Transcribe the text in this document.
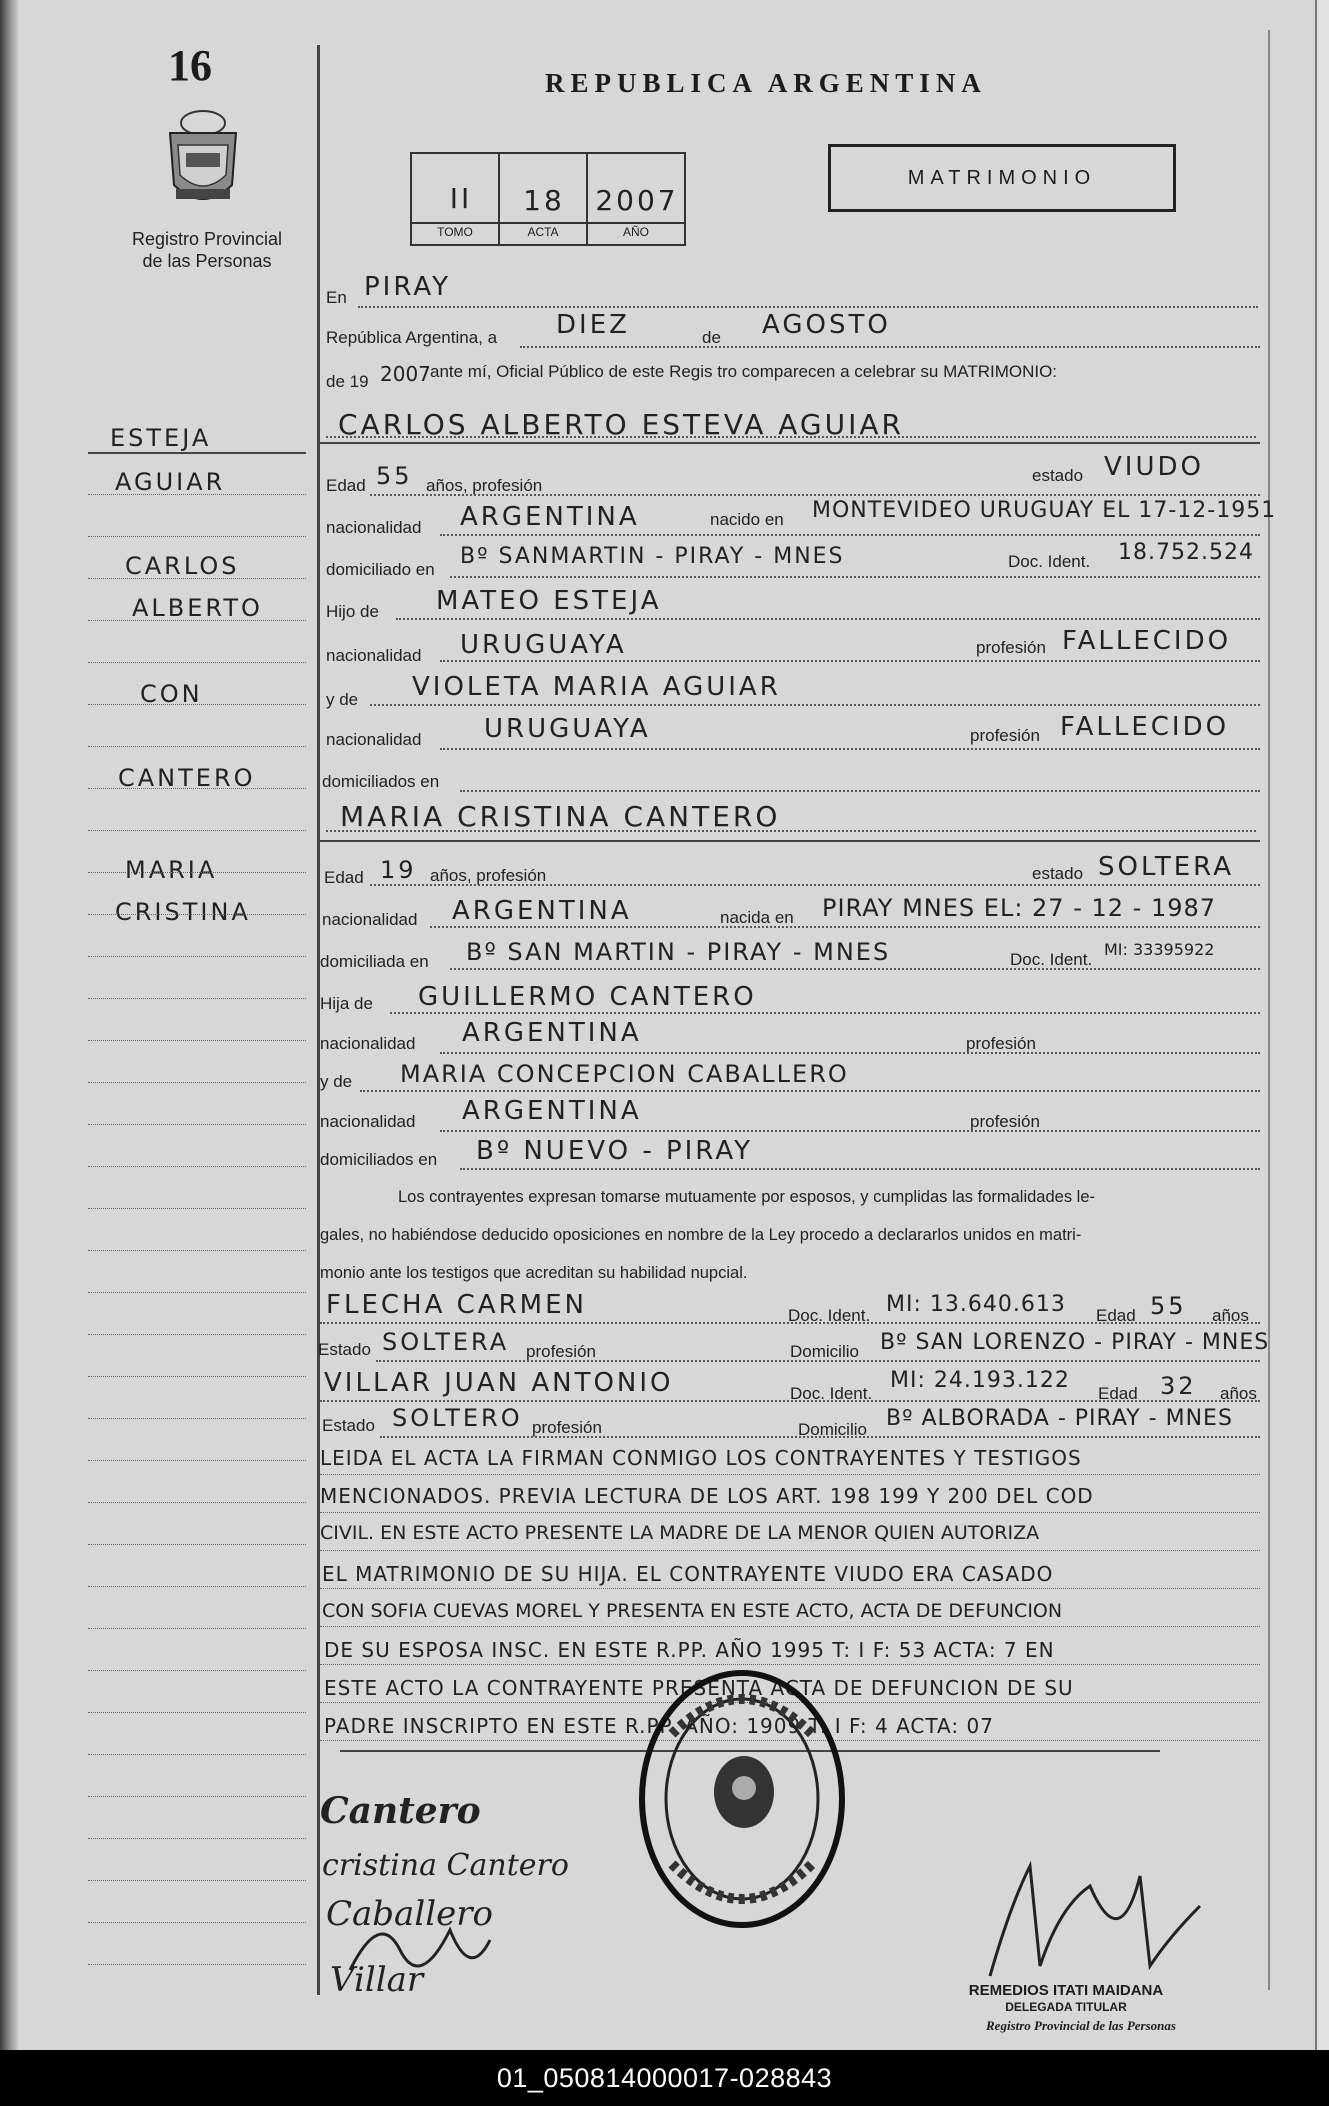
16
Registro Provincial
de las Personas
ESTEJA
AGUIAR
CARLOS
ALBERTO
CON
CANTERO
MARIA
CRISTINA
REPUBLICA ARGENTINA
MATRIMONIO
II	18	2007
TOMO	ACTA	AÑO
En PIRAY
República Argentina, a DIEZ	de AGOSTO
de 19 2007 ante mí, Oficial Público de este Regis tro comparecen a celebrar su MATRIMONIO:
CARLOS ALBERTO ESTEVA AGUIAR
Edad 55 años, profesión
estado VIUDO
nacionalidad ARGENTINA	nacido en MONTEVIDEO URUGUAY EL 17-12-1951
domiciliado en
Bº SANMARTIN - PIRAY - MNES	Doc. Ident. 18.752.524
Hijo de MATEO ESTEJA
nacionalidad URUGUAYA	profesión FALLECIDO
y de VIOLETA MARIA AGUIAR
nacionalidad URUGUAYA	profesión FALLECIDO
domiciliados en
MARIA CRISTINA CANTERO
Edad 19 años, profesión	estado SOLTERA
nacionalidad ARGENTINA	nacida en PIRAY MNES EL: 27 - 12 - 1987
domiciliada en Bº SAN MARTIN - PIRAY - MNES	Doc. Ident.
MI: 33395922
Hija de GUILLERMO CANTERO
nacionalidad ARGENTINA	profesión
y de MARIA CONCEPCION CABALLERO
nacionalidad ARGENTINA	profesión
domiciliados en Bº NUEVO - PIRAY
Los contrayentes expresan tomarse mutuamente por esposos, y cumplidas las formalidades le-
gales, no habiéndose deducido oposiciones en nombre de la Ley procedo a declararlos unidos en matri-
monio ante los testigos que acreditan su habilidad nupcial.
FLECHA CARMEN	Doc. Ident. MI: 13.640.613 Edad 55 años
Estado SOLTERA profesión	Domicilio Bº SAN LORENZO - PIRAY - MNES
VILLAR JUAN ANTONIO	Doc. Ident.
MI: 24.193.122
Edad 32 años
Estado SOLTERO profesión	Domicilio Bº ALBORADA - PIRAY - MNES
LEIDA EL ACTA LA FIRMAN CONMIGO LOS CONTRAYENTES Y TESTIGOS
MENCIONADOS. PREVIA LECTURA DE LOS ART. 198 199 Y 200 DEL COD
CIVIL. EN ESTE ACTO PRESENTE LA MADRE DE LA MENOR QUIEN AUTORIZA
EL MATRIMONIO DE SU HIJA. EL CONTRAYENTE VIUDO ERA CASADO
CON SOFIA CUEVAS MOREL Y PRESENTA EN ESTE ACTO, ACTA DE DEFUNCION
DE SU ESPOSA INSC. EN ESTE R.PP. AÑO 1995 T: I F: 53 ACTA: 7 EN
ESTE ACTO LA CONTRAYENTE PRESENTA ACTA DE DEFUNCION DE SU
PADRE INSCRIPTO EN ESTE R.PP. AÑO: 1909 T: I F: 4 ACTA: 07
Cantero
cristina Cantero
Caballero
Villar	REMEDIOS ITATI MAIDANA
DELEGADA TITULAR
Registro Provincial de las Personas
01_050814000017-028843
